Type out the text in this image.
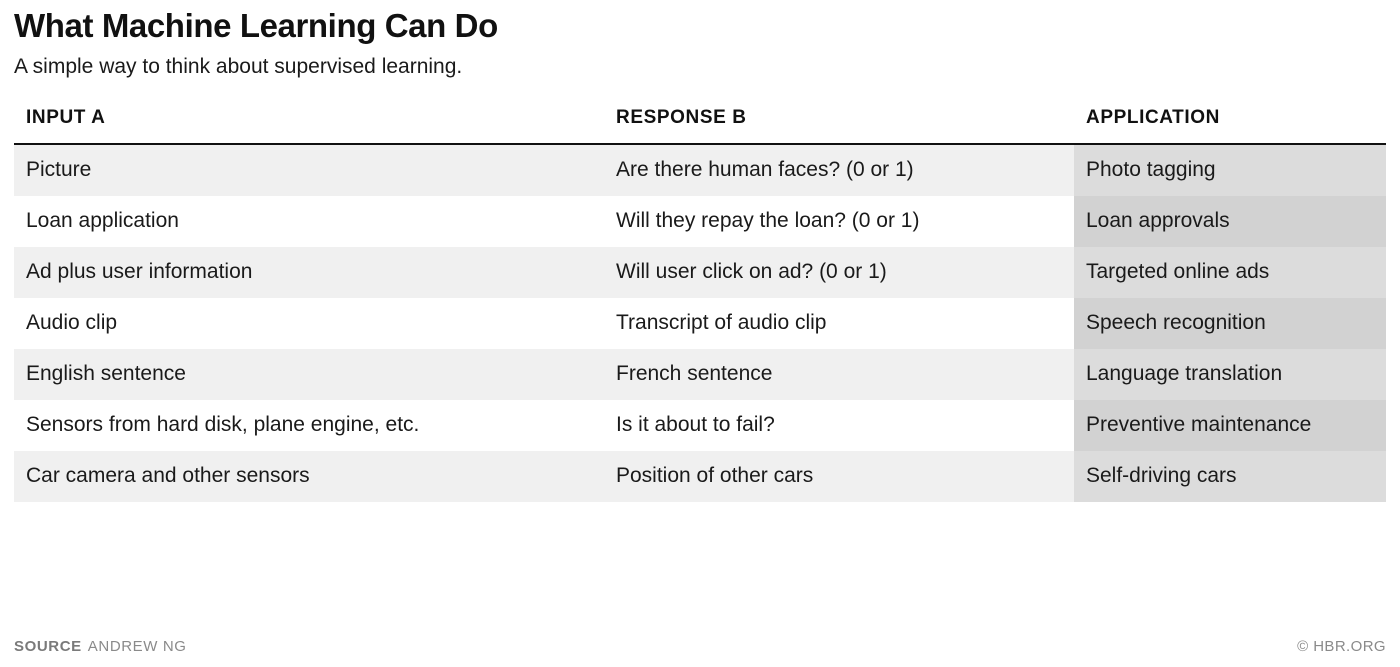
What Machine Learning Can Do

A simple way to think about supervised learning.

INPUT A	RESPONSE B	APPLICATION
Picture	Are there human faces? (0 or 1)	Photo tagging
Loan application	Will they repay the loan? (0 or 1)	Loan approvals
Ad plus user information	Will user click on ad? (0 or 1)	Targeted online ads
Audio clip	Transcript of audio clip	Speech recognition
English sentence	French sentence	Language translation
Sensors from hard disk, plane engine, etc.	Is it about to fail?	Preventive maintenance
Car camera and other sensors	Position of other cars	Self-driving cars
SOURCE ANDREW NG	© HBR.ORG
